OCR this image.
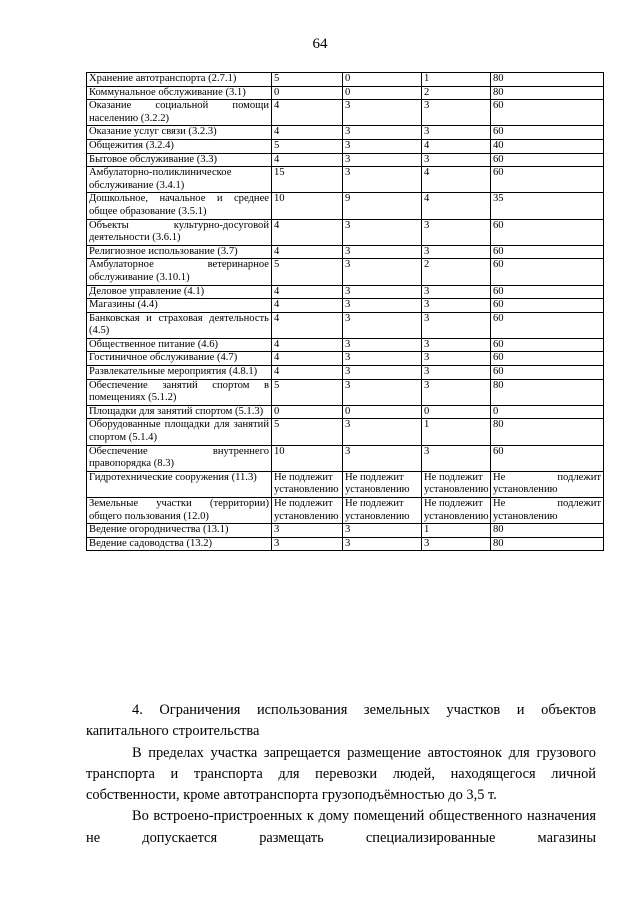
64
Хранение автотранспорта (2.7.1)	5	0	1	80
Коммунальное обслуживание (3.1)	0	0	2	80
Оказание социальной помощи населению (3.2.2)	4	3	3	60
Оказание услуг связи (3.2.3)	4	3	3	60
Общежития (3.2.4)	5	3	4	40
Бытовое обслуживание (3.3)	4	3	3	60
Амбулаторно-поликлиническое обслуживание (3.4.1)	15	3	4	60
Дошкольное, начальное и среднее общее образование (3.5.1)	10	9	4	35
Объекты культурно-досуговой деятельности (3.6.1)	4	3	3	60
Религиозное использование (3.7)	4	3	3	60
Амбулаторное ветеринарное обслуживание (3.10.1)	5	3	2	60
Деловое управление (4.1)	4	3	3	60
Магазины (4.4)	4	3	3	60
Банковская и страховая деятельность (4.5)	4	3	3	60
Общественное питание (4.6)	4	3	3	60
Гостиничное обслуживание (4.7)	4	3	3	60
Развлекательные мероприятия (4.8.1)	4	3	3	60
Обеспечение занятий спортом в помещениях (5.1.2)	5	3	3	80
Площадки для занятий спортом (5.1.3)	0	0	0	0
Оборудованные площадки для занятий спортом (5.1.4)	5	3	1	80
Обеспечение внутреннего правопорядка (8.3)	10	3	3	60
Гидротехнические сооружения (11.3)	Не подлежит установлению	Не подлежит установлению	Не подлежит установлению	Не подлежит установлению
Земельные участки (территории) общего пользования (12.0)	Не подлежит установлению	Не подлежит установлению	Не подлежит установлению	Не подлежит установлению
Ведение огородничества (13.1)	3	3	1	80
Ведение садоводства (13.2)	3	3	3	80

4. Ограничения использования земельных участков и объектов капитального строительства

В пределах участка запрещается размещение автостоянок для грузового транспорта и транспорта для перевозки людей, находящегося личной собственности, кроме автотранспорта грузоподъёмностью до 3,5 т.

Во встроено-пристроенных к дому помещений общественного назначения не допускается размещать специализированные магазины
